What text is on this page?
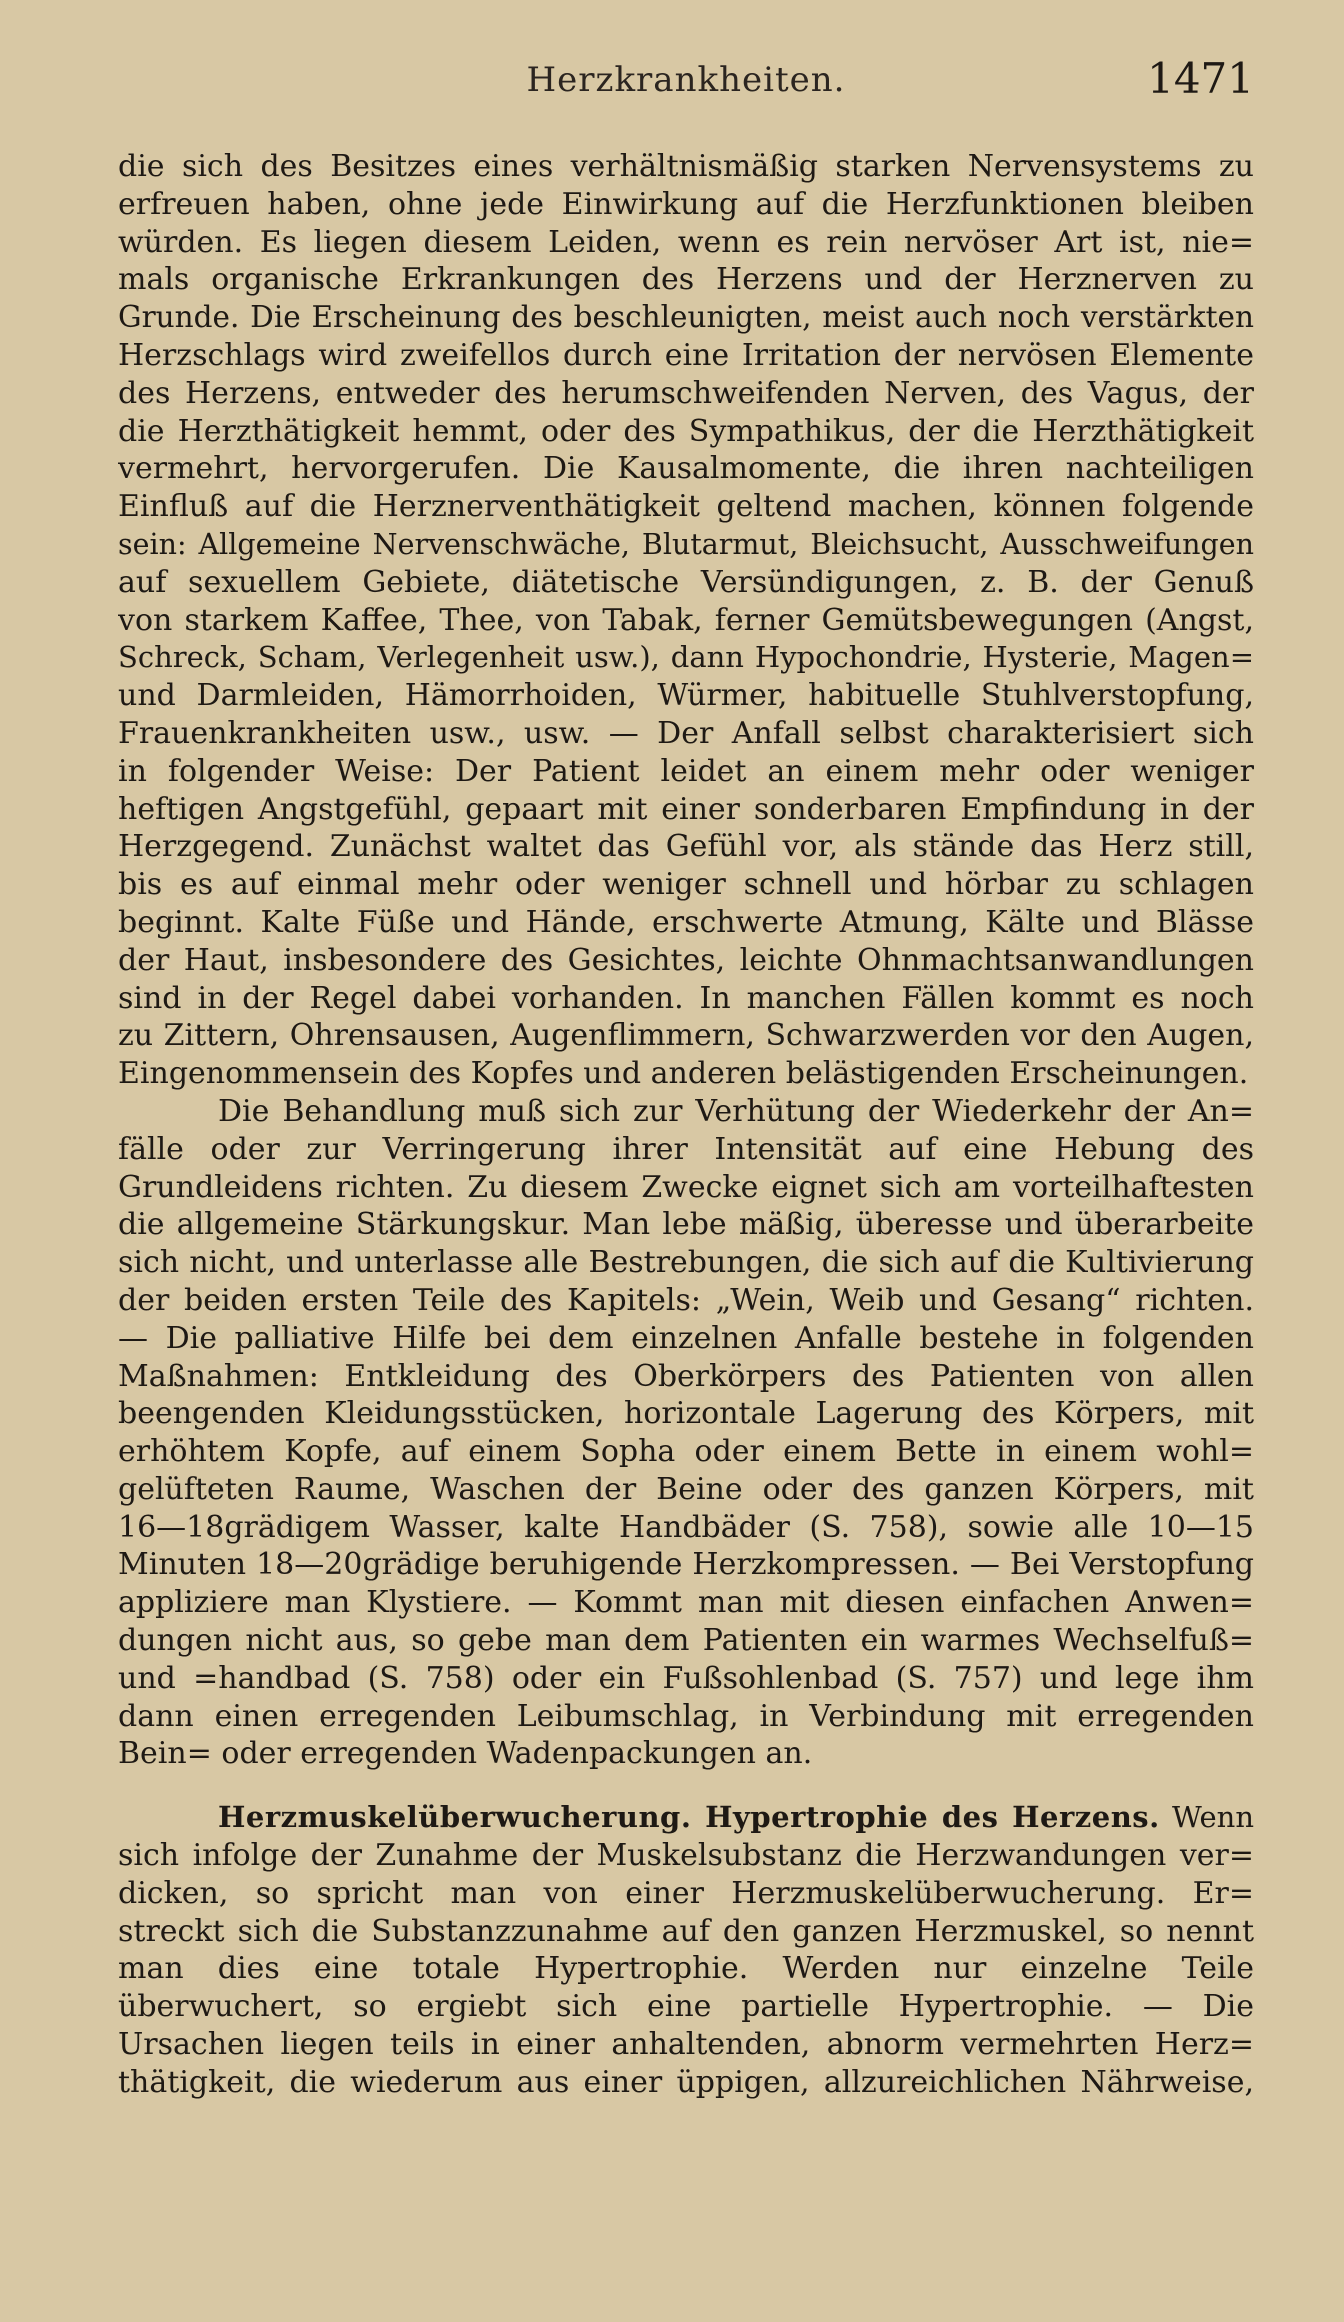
Herzkrankheiten.	1471
die sich des Besitzes eines verhältnismäßig starken Nervensystems zu
erfreuen haben, ohne jede Einwirkung auf die Herzfunktionen bleiben
würden. Es liegen diesem Leiden, wenn es rein nervöser Art ist, nie=
mals organische Erkrankungen des Herzens und der Herznerven zu
Grunde. Die Erscheinung des beschleunigten, meist auch noch verstärkten
Herzschlags wird zweifellos durch eine Irritation der nervösen Elemente
des Herzens, entweder des herumschweifenden Nerven, des Vagus, der
die Herzthätigkeit hemmt, oder des Sympathikus, der die Herzthätigkeit
vermehrt, hervorgerufen. Die Kausalmomente, die ihren nachteiligen
Einfluß auf die Herznerventhätigkeit geltend machen, können folgende
sein: Allgemeine Nervenschwäche, Blutarmut, Bleichsucht, Ausschweifungen
auf sexuellem Gebiete, diätetische Versündigungen, z. B. der Genuß
von starkem Kaffee, Thee, von Tabak, ferner Gemütsbewegungen (Angst,
Schreck, Scham, Verlegenheit usw.), dann Hypochondrie, Hysterie, Magen=
und Darmleiden, Hämorrhoiden, Würmer, habituelle Stuhlverstopfung,
Frauenkrankheiten usw., usw. — Der Anfall selbst charakterisiert sich
in folgender Weise: Der Patient leidet an einem mehr oder weniger
heftigen Angstgefühl, gepaart mit einer sonderbaren Empfindung in der
Herzgegend. Zunächst waltet das Gefühl vor, als stände das Herz still,
bis es auf einmal mehr oder weniger schnell und hörbar zu schlagen
beginnt. Kalte Füße und Hände, erschwerte Atmung, Kälte und Blässe
der Haut, insbesondere des Gesichtes, leichte Ohnmachtsanwandlungen
sind in der Regel dabei vorhanden. In manchen Fällen kommt es noch
zu Zittern, Ohrensausen, Augenflimmern, Schwarzwerden vor den Augen,
Eingenommensein des Kopfes und anderen belästigenden Erscheinungen.
Die Behandlung muß sich zur Verhütung der Wiederkehr der An=
fälle oder zur Verringerung ihrer Intensität auf eine Hebung des
Grundleidens richten. Zu diesem Zwecke eignet sich am vorteilhaftesten
die allgemeine Stärkungskur. Man lebe mäßig, überesse und überarbeite
sich nicht, und unterlasse alle Bestrebungen, die sich auf die Kultivierung
der beiden ersten Teile des Kapitels: „Wein, Weib und Gesang“ richten.
— Die palliative Hilfe bei dem einzelnen Anfalle bestehe in folgenden
Maßnahmen: Entkleidung des Oberkörpers des Patienten von allen
beengenden Kleidungsstücken, horizontale Lagerung des Körpers, mit
erhöhtem Kopfe, auf einem Sopha oder einem Bette in einem wohl=
gelüfteten Raume, Waschen der Beine oder des ganzen Körpers, mit
16—18grädigem Wasser, kalte Handbäder (S. 758), sowie alle 10—15
Minuten 18—20grädige beruhigende Herzkompressen. — Bei Verstopfung
appliziere man Klystiere. — Kommt man mit diesen einfachen Anwen=
dungen nicht aus, so gebe man dem Patienten ein warmes Wechselfuß=
und =handbad (S. 758) oder ein Fußsohlenbad (S. 757) und lege ihm
dann einen erregenden Leibumschlag, in Verbindung mit erregenden
Bein= oder erregenden Wadenpackungen an.
Herzmuskelüberwucherung. Hypertrophie des Herzens. Wenn
sich infolge der Zunahme der Muskelsubstanz die Herzwandungen ver=
dicken, so spricht man von einer Herzmuskelüberwucherung. Er=
streckt sich die Substanzzunahme auf den ganzen Herzmuskel, so nennt
man dies eine totale Hypertrophie. Werden nur einzelne Teile
überwuchert, so ergiebt sich eine partielle Hypertrophie. — Die
Ursachen liegen teils in einer anhaltenden, abnorm vermehrten Herz=
thätigkeit, die wiederum aus einer üppigen, allzureichlichen Nährweise,
